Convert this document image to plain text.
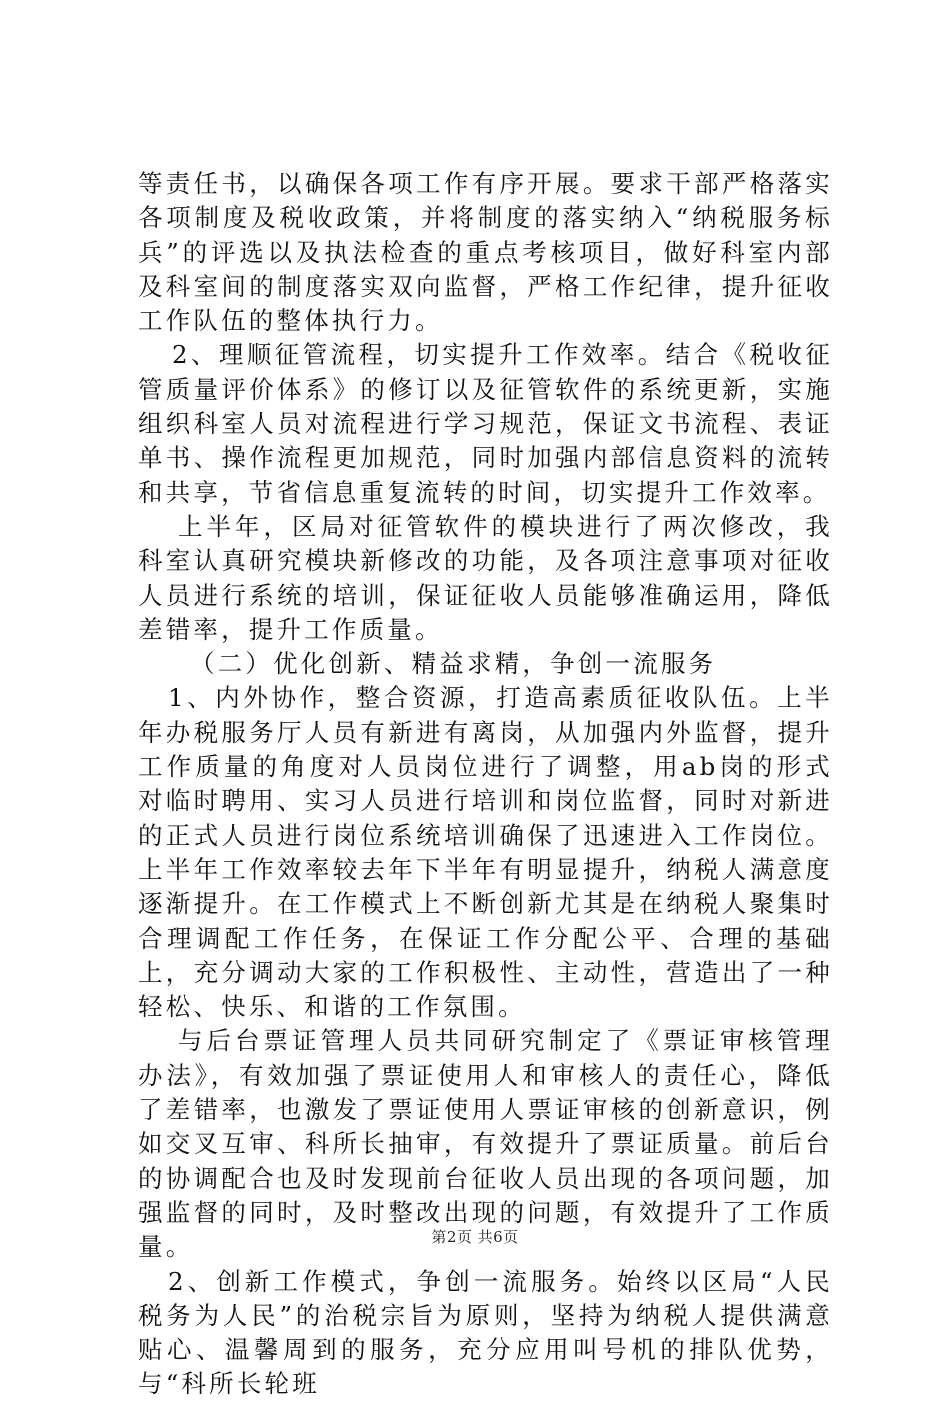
等责任书，以确保各项工作有序开展。要求干部严格落实各项制度及税收政策，并将制度的落实纳入“纳税服务标兵”的评选以及执法检查的重点考核项目，做好科室内部及科室间的制度落实双向监督，严格工作纪律，提升征收工作队伍的整体执行力。

2、理顺征管流程，切实提升工作效率。结合《税收征管质量评价体系》的修订以及征管软件的系统更新，实施组织科室人员对流程进行学习规范，保证文书流程、表证单书、操作流程更加规范，同时加强内部信息资料的流转和共享，节省信息重复流转的时间，切实提升工作效率。

上半年，区局对征管软件的模块进行了两次修改，我科室认真研究模块新修改的功能，及各项注意事项对征收人员进行系统的培训，保证征收人员能够准确运用，降低差错率，提升工作质量。

（二）优化创新、精益求精，争创一流服务

1、内外协作，整合资源，打造高素质征收队伍。上半年办税服务厅人员有新进有离岗，从加强内外监督，提升工作质量的角度对人员岗位进行了调整，用ab岗的形式对临时聘用、实习人员进行培训和岗位监督，同时对新进的正式人员进行岗位系统培训确保了迅速进入工作岗位。上半年工作效率较去年下半年有明显提升，纳税人满意度逐渐提升。在工作模式上不断创新尤其是在纳税人聚集时合理调配工作任务，在保证工作分配公平、合理的基础上，充分调动大家的工作积极性、主动性，营造出了一种轻松、快乐、和谐的工作氛围。

与后台票证管理人员共同研究制定了《票证审核管理办法》，有效加强了票证使用人和审核人的责任心，降低了差错率，也激发了票证使用人票证审核的创新意识，例如交叉互审、科所长抽审，有效提升了票证质量。前后台的协调配合也及时发现前台征收人员出现的各项问题，加强监督的同时，及时整改出现的问题，有效提升了工作质量。

2、创新工作模式，争创一流服务。始终以区局“人民税务为人民”的治税宗旨为原则，坚持为纳税人提供满意贴心、温馨周到的服务，充分应用叫号机的排队优势，与“科所长轮班

第2页 共6页
